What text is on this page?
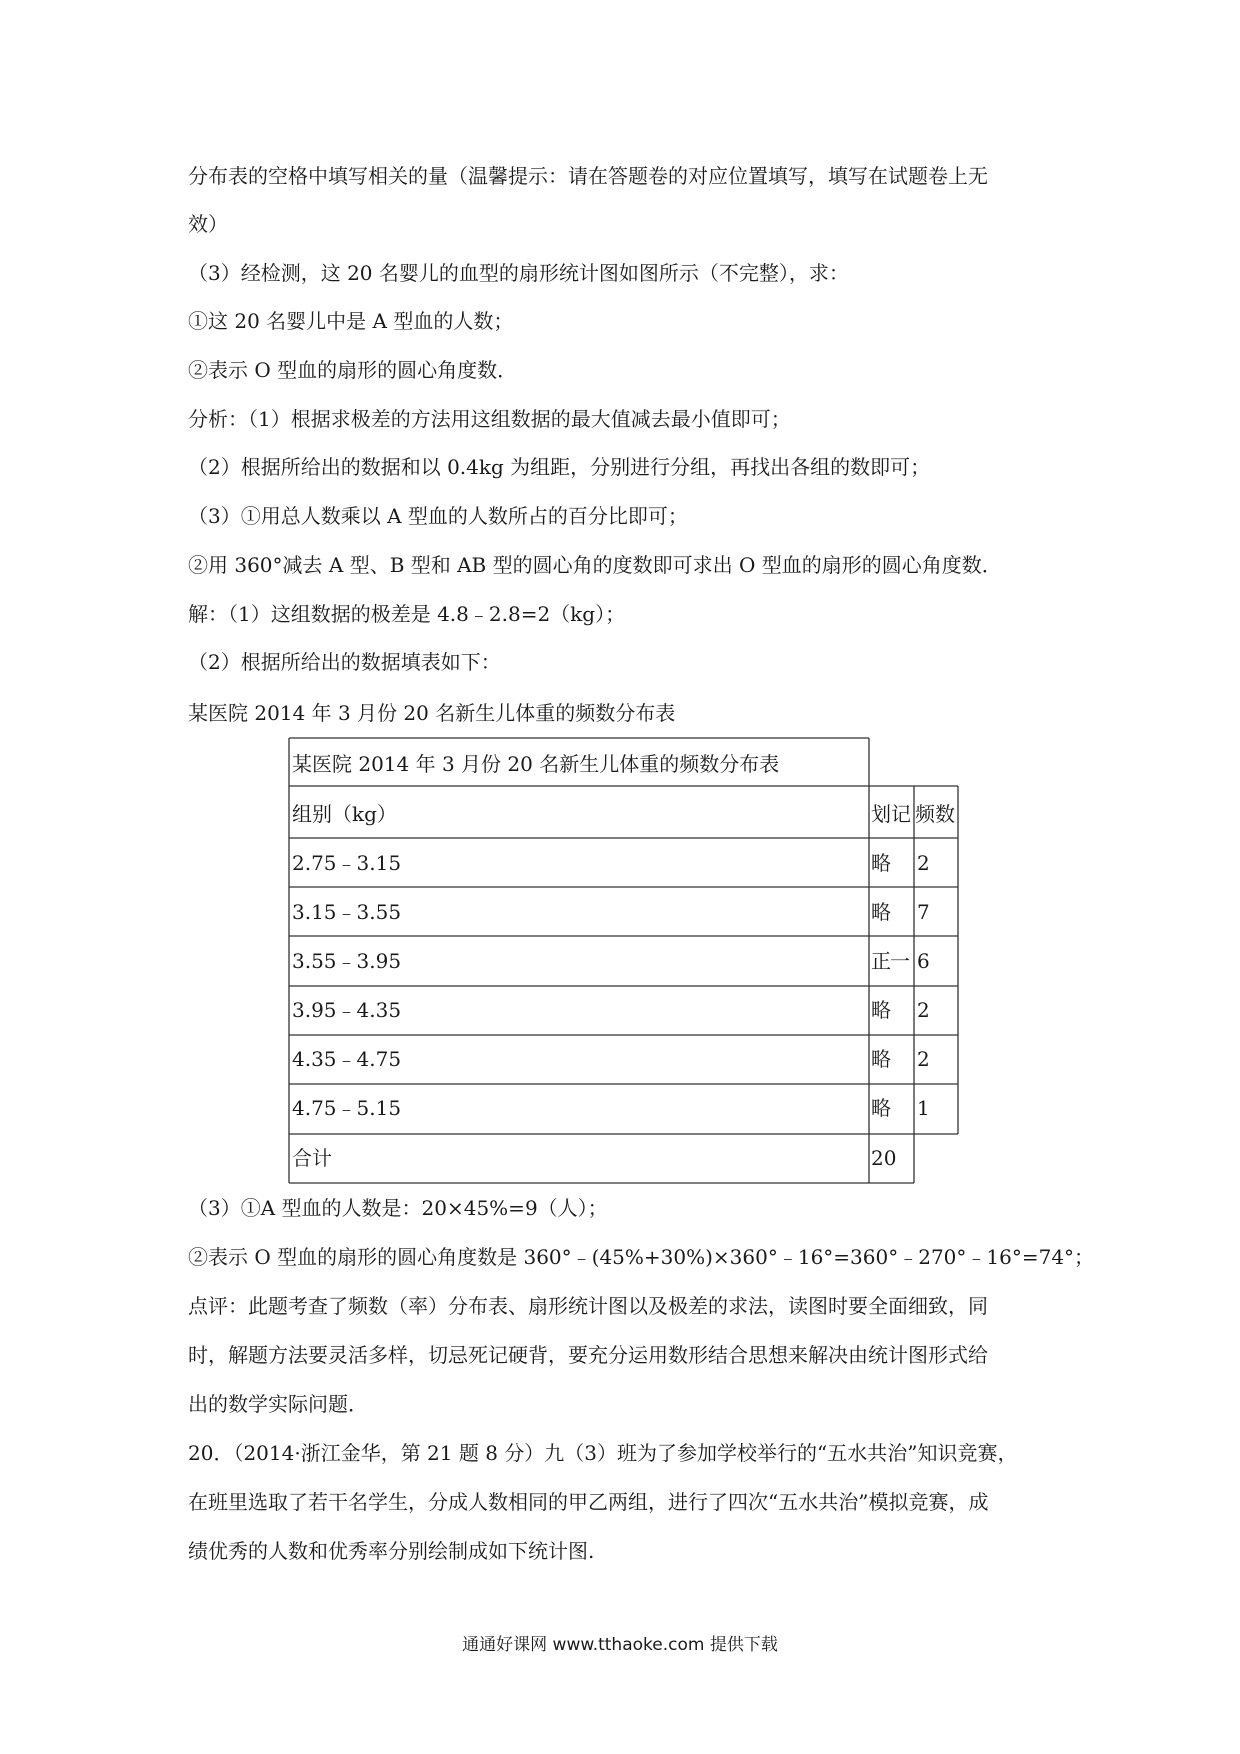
分布表的空格中填写相关的量（温馨提示：请在答题卷的对应位置填写，填写在试题卷上无
效）
（3）经检测，这 20 名婴儿的血型的扇形统计图如图所示（不完整），求：
①这 20 名婴儿中是 A 型血的人数；
②表示 O 型血的扇形的圆心角度数．
分析：（1）根据求极差的方法用这组数据的最大值减去最小值即可；
（2）根据所给出的数据和以 0.4kg 为组距，分别进行分组，再找出各组的数即可；
（3）①用总人数乘以 A 型血的人数所占的百分比即可；
②用 360°减去 A 型、B 型和 AB 型的圆心角的度数即可求出 O 型血的扇形的圆心角度数．
解：（1）这组数据的极差是 4.8﹣2.8=2（kg）；
（2）根据所给出的数据填表如下：
某医院 2014 年 3 月份 20 名新生儿体重的频数分布表
某医院 2014 年 3 月份 20 名新生儿体重的频数分布表
组别（kg）	划记 频数
2.75﹣3.15	略 2
3.15﹣3.55	略 7
3.55﹣3.95	正一 6
3.95﹣4.35	略 2
4.35﹣4.75	略 2
4.75﹣5.15	略 1
合计	20
（3）①A 型血的人数是：20×45%=9（人）；
②表示 O 型血的扇形的圆心角度数是 360°﹣(45%+30%)×360°﹣16°=360°﹣270°﹣16°=74°；
点评：此题考查了频数（率）分布表、扇形统计图以及极差的求法，读图时要全面细致，同
时，解题方法要灵活多样，切忌死记硬背，要充分运用数形结合思想来解决由统计图形式给
出的数学实际问题．
20．（2014·浙江金华，第 21 题 8 分）九（3）班为了参加学校举行的“五水共治”知识竞赛，
在班里选取了若干名学生，分成人数相同的甲乙两组，进行了四次“五水共治”模拟竞赛，成
绩优秀的人数和优秀率分别绘制成如下统计图.
通通好课网 www.tthaoke.com 提供下载
